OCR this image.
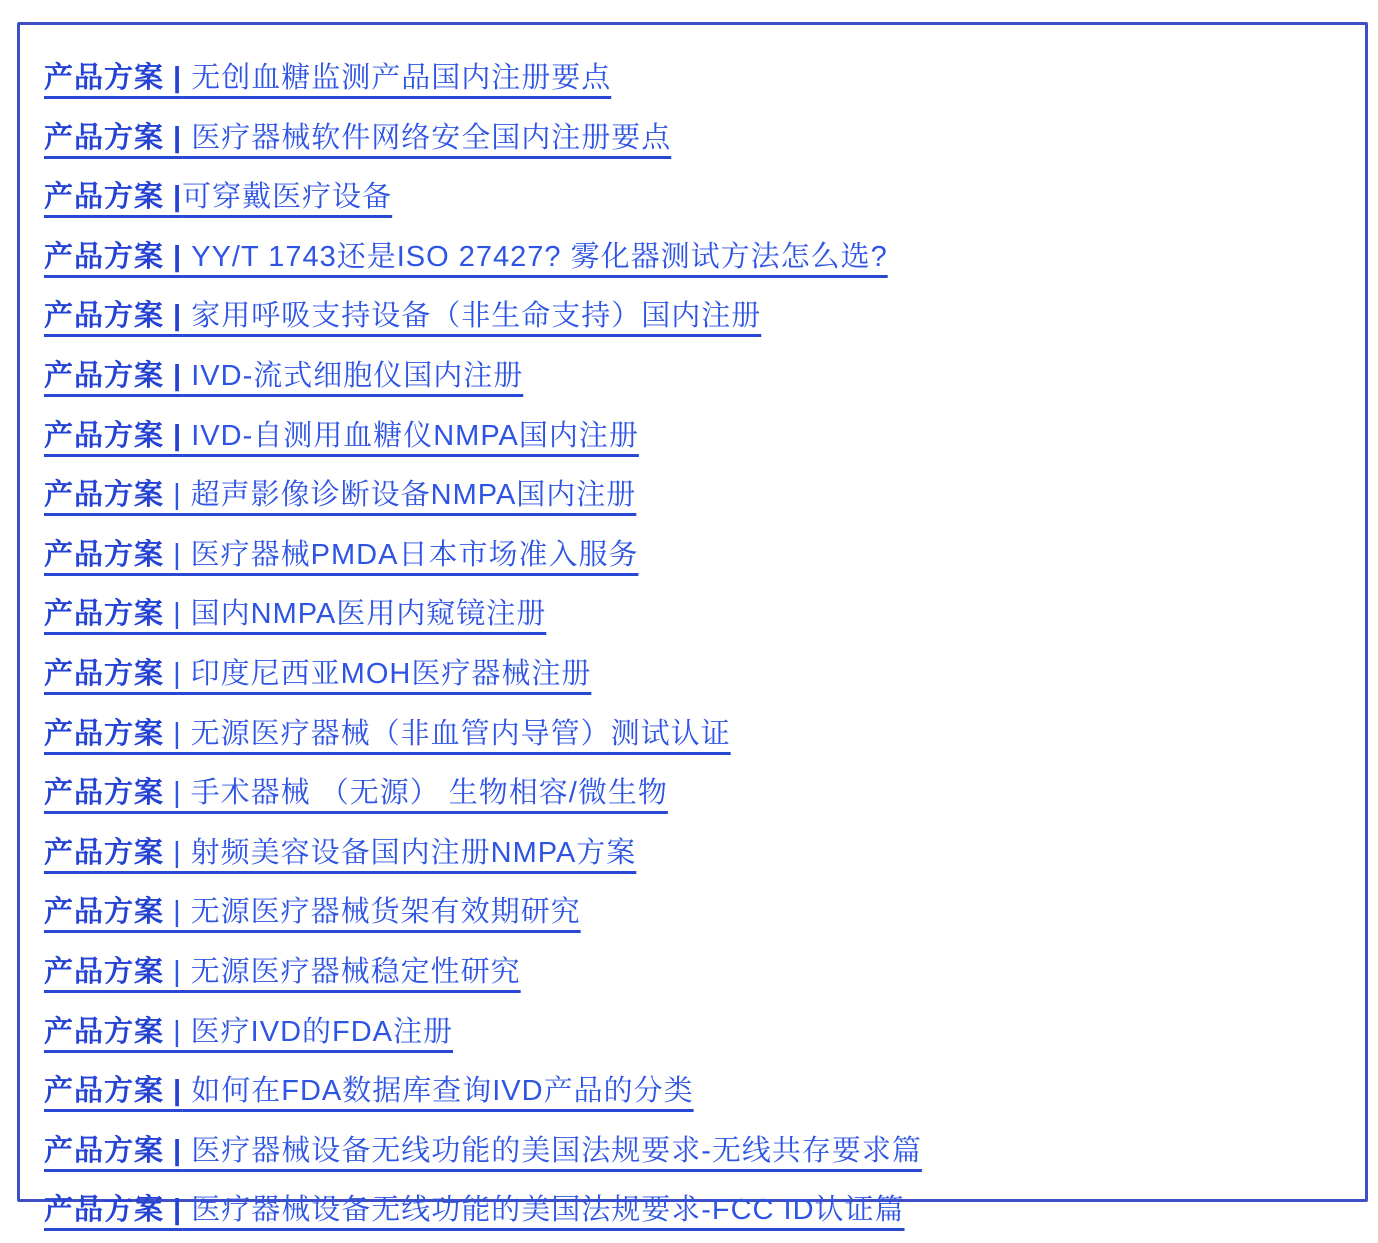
产品方案 | 无创血糖监测产品国内注册要点
产品方案 | 医疗器械软件网络安全国内注册要点
产品方案 |可穿戴医疗设备
产品方案 | YY/T 1743还是ISO 27427? 雾化器测试方法怎么选?
产品方案 | 家用呼吸支持设备（非生命支持）国内注册
产品方案 | IVD-流式细胞仪国内注册
产品方案 | IVD-自测用血糖仪NMPA国内注册
产品方案 | 超声影像诊断设备NMPA国内注册
产品方案 | 医疗器械PMDA日本市场准入服务
产品方案 | 国内NMPA医用内窥镜注册
产品方案 | 印度尼西亚MOH医疗器械注册
产品方案 | 无源医疗器械（非血管内导管）测试认证
产品方案 | 手术器械 （无源） 生物相容/微生物
产品方案 | 射频美容设备国内注册NMPA方案
产品方案 | 无源医疗器械货架有效期研究
产品方案 | 无源医疗器械稳定性研究
产品方案 | 医疗IVD的FDA注册
产品方案 | 如何在FDA数据库查询IVD产品的分类
产品方案 | 医疗器械设备无线功能的美国法规要求-无线共存要求篇
产品方案 | 医疗器械设备无线功能的美国法规要求-FCC ID认证篇
